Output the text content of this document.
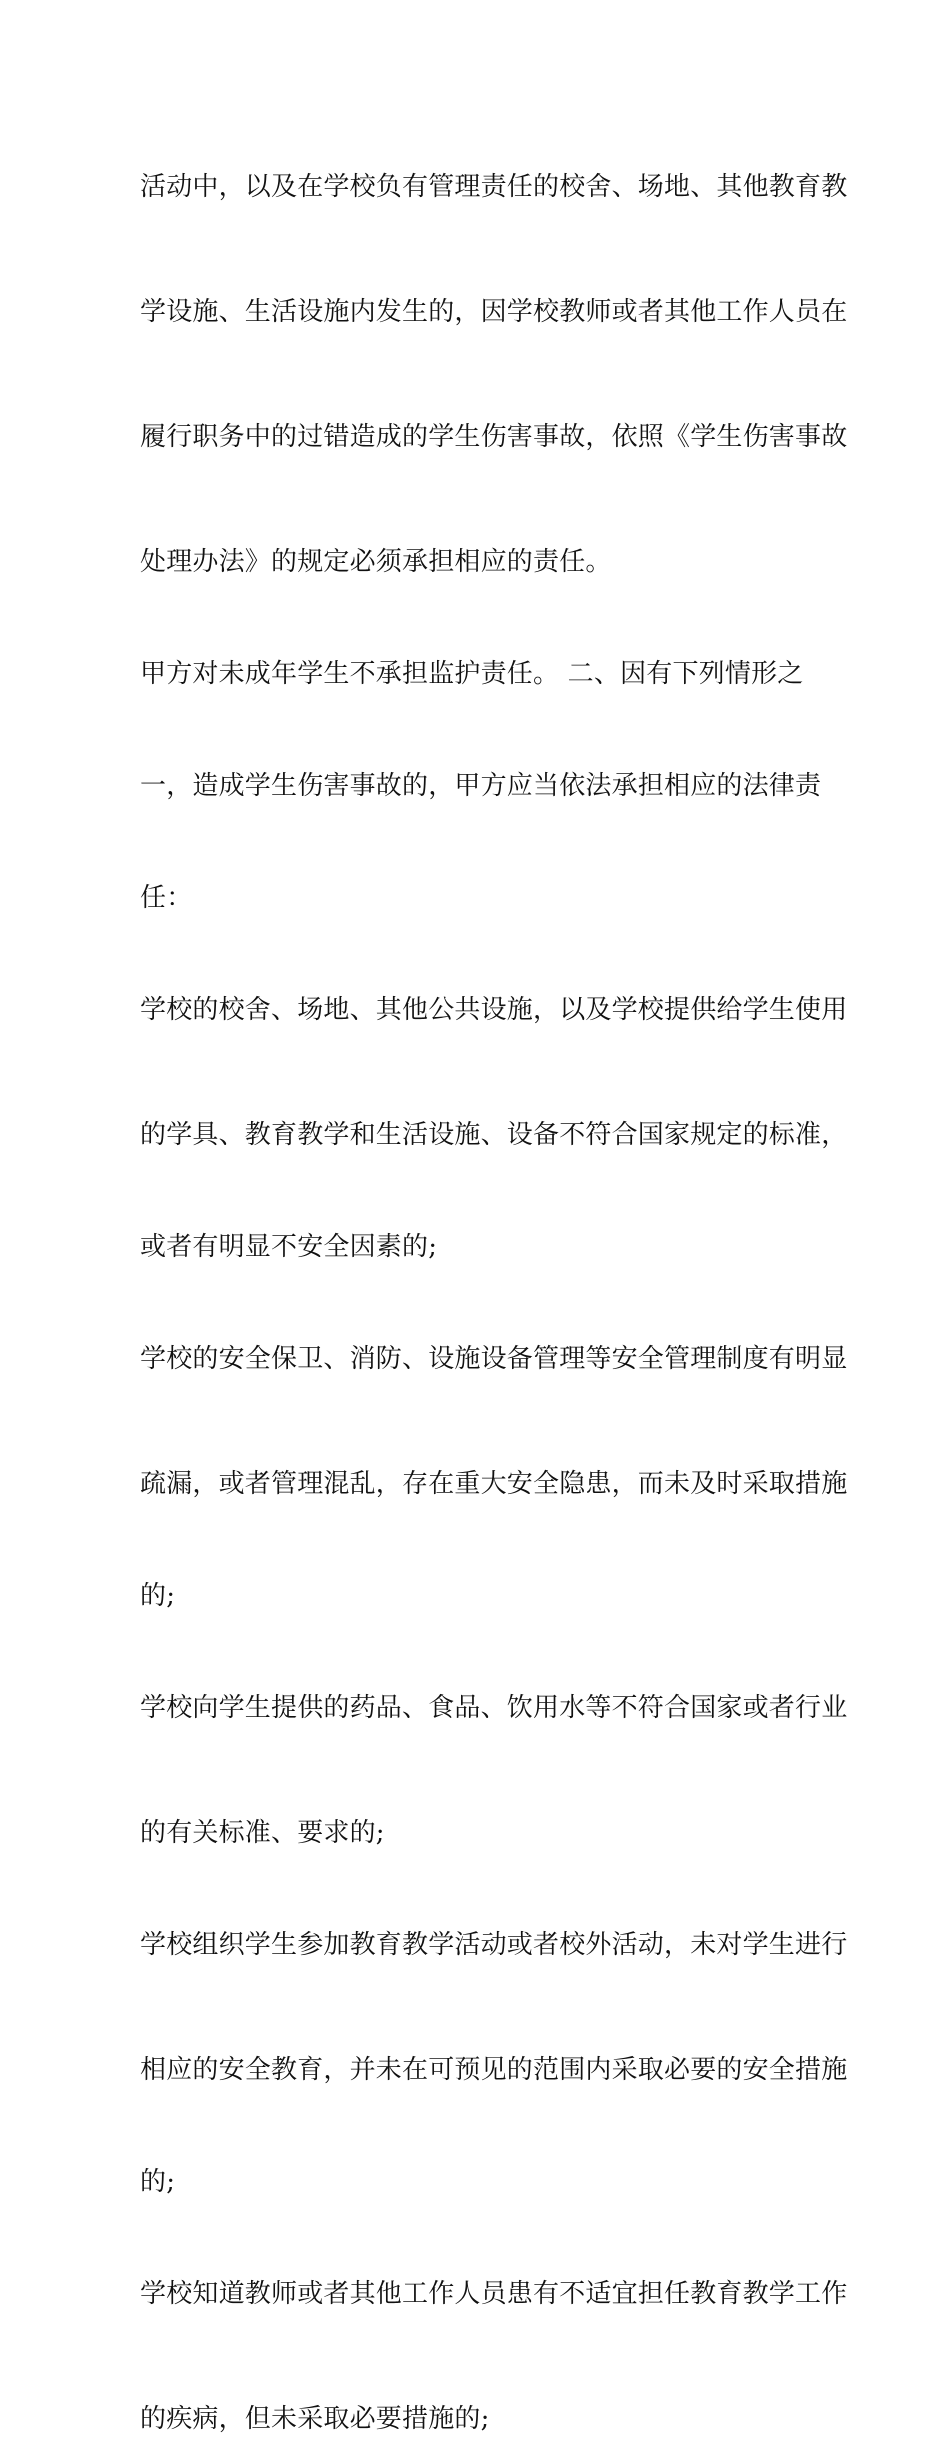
活动中，以及在学校负有管理责任的校舍、场地、其他教育教

学设施、生活设施内发生的，因学校教师或者其他工作人员在

履行职务中的过错造成的学生伤害事故，依照《学生伤害事故

处理办法》的规定必须承担相应的责任。

甲方对未成年学生不承担监护责任。 二、因有下列情形之

一，造成学生伤害事故的，甲方应当依法承担相应的法律责

任：

学校的校舍、场地、其他公共设施，以及学校提供给学生使用

的学具、教育教学和生活设施、设备不符合国家规定的标准，

或者有明显不安全因素的;

学校的安全保卫、消防、设施设备管理等安全管理制度有明显

疏漏，或者管理混乱，存在重大安全隐患，而未及时采取措施

的;

学校向学生提供的药品、食品、饮用水等不符合国家或者行业

的有关标准、要求的;

学校组织学生参加教育教学活动或者校外活动，未对学生进行

相应的安全教育，并未在可预见的范围内采取必要的安全措施

的;

学校知道教师或者其他工作人员患有不适宜担任教育教学工作

的疾病，但未采取必要措施的;
